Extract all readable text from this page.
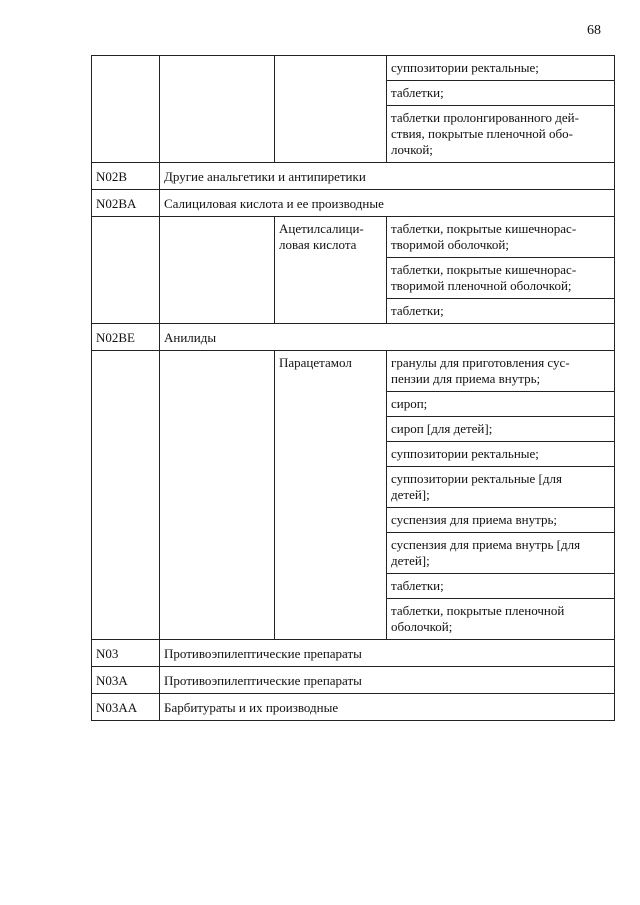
68

			суппозитории ректальные;

			таблетки;

			таблетки пролонгированного дей-
ствия, покрытые пленочной обо-
лочкой;

N02B	Другие анальгетики и антипиретики		
N02BA	Салициловая кислота и ее производные		

		Ацетилсалици-
ловая кислота	таблетки, покрытые кишечнорас-
творимой оболочкой;

			таблетки, покрытые кишечнорас-
творимой пленочной оболочкой;

			таблетки;

N02BE	Анилиды		

		Парацетамол	гранулы для приготовления сус-
пензии для приема внутрь;

			сироп;

			сироп [для детей];

			суппозитории ректальные;

			суппозитории ректальные [для
детей];

			суспензия для приема внутрь;

			суспензия для приема внутрь [для
детей];

			таблетки;

			таблетки, покрытые пленочной
оболочкой;

N03	Противоэпилептические препараты		
N03A	Противоэпилептические препараты		
N03AA	Барбитураты и их производные		
